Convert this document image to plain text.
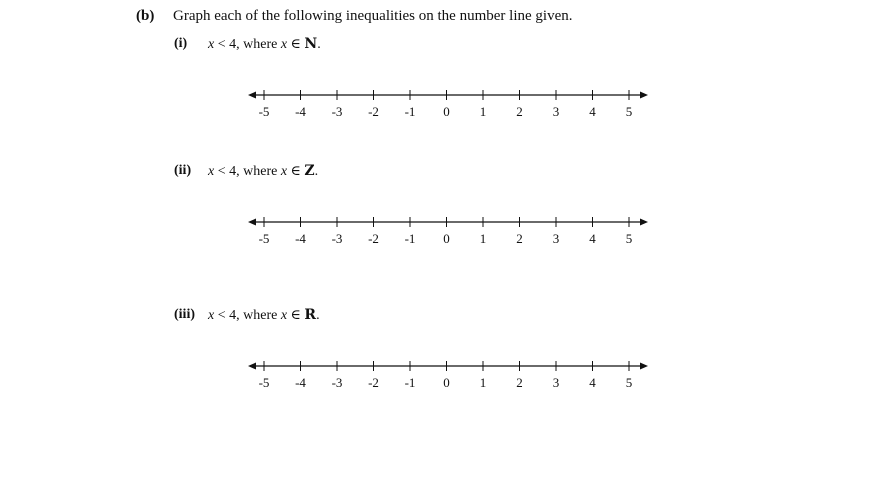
(b) Graph each of the following inequalities on the number line given.
(i) x < 4, where x ∈ N.
-5 -4 -3 -2 -1 0 1 2 3 4 5
(ii) x < 4, where x ∈ Z.
-5 -4 -3 -2 -1 0 1 2 3 4 5
(iii) x < 4, where x ∈ R.
-5 -4 -3 -2 -1 0 1 2 3 4 5
